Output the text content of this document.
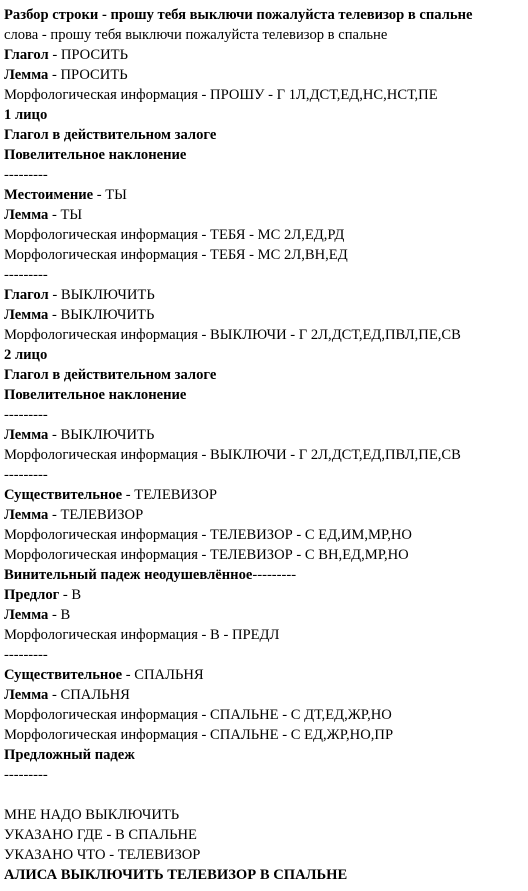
Разбор строки - прошу тебя выключи пожалуйста телевизор в спальне
слова - прошу тебя выключи пожалуйста телевизор в спальне
Глагол - ПРОСИТЬ
Лемма - ПРОСИТЬ
Морфологическая информация - ПРОШУ - Г 1Л,ДСТ,ЕД,НС,НСТ,ПЕ
1 лицо
Глагол в действительном залоге
Повелительное наклонение
---------
Местоимение - ТЫ
Лемма - ТЫ
Морфологическая информация - ТЕБЯ - МС 2Л,ЕД,РД
Морфологическая информация - ТЕБЯ - МС 2Л,ВН,ЕД
---------
Глагол - ВЫКЛЮЧИТЬ
Лемма - ВЫКЛЮЧИТЬ
Морфологическая информация - ВЫКЛЮЧИ - Г 2Л,ДСТ,ЕД,ПВЛ,ПЕ,СВ
2 лицо
Глагол в действительном залоге
Повелительное наклонение
---------
Лемма - ВЫКЛЮЧИТЬ
Морфологическая информация - ВЫКЛЮЧИ - Г 2Л,ДСТ,ЕД,ПВЛ,ПЕ,СВ
---------
Существительное - ТЕЛЕВИЗОР
Лемма - ТЕЛЕВИЗОР
Морфологическая информация - ТЕЛЕВИЗОР - С ЕД,ИМ,МР,НО
Морфологическая информация - ТЕЛЕВИЗОР - С ВН,ЕД,МР,НО
Винительный падеж неодушевлённое---------
Предлог - В
Лемма - В
Морфологическая информация - В - ПРЕДЛ
---------
Существительное - СПАЛЬНЯ
Лемма - СПАЛЬНЯ
Морфологическая информация - СПАЛЬНЕ - С ДТ,ЕД,ЖР,НО
Морфологическая информация - СПАЛЬНЕ - С ЕД,ЖР,НО,ПР
Предложный падеж
---------
МНЕ НАДО ВЫКЛЮЧИТЬ
УКАЗАНО ГДЕ - В СПАЛЬНЕ
УКАЗАНО ЧТО - ТЕЛЕВИЗОР
АЛИСА ВЫКЛЮЧИТЬ ТЕЛЕВИЗОР В СПАЛЬНЕ
